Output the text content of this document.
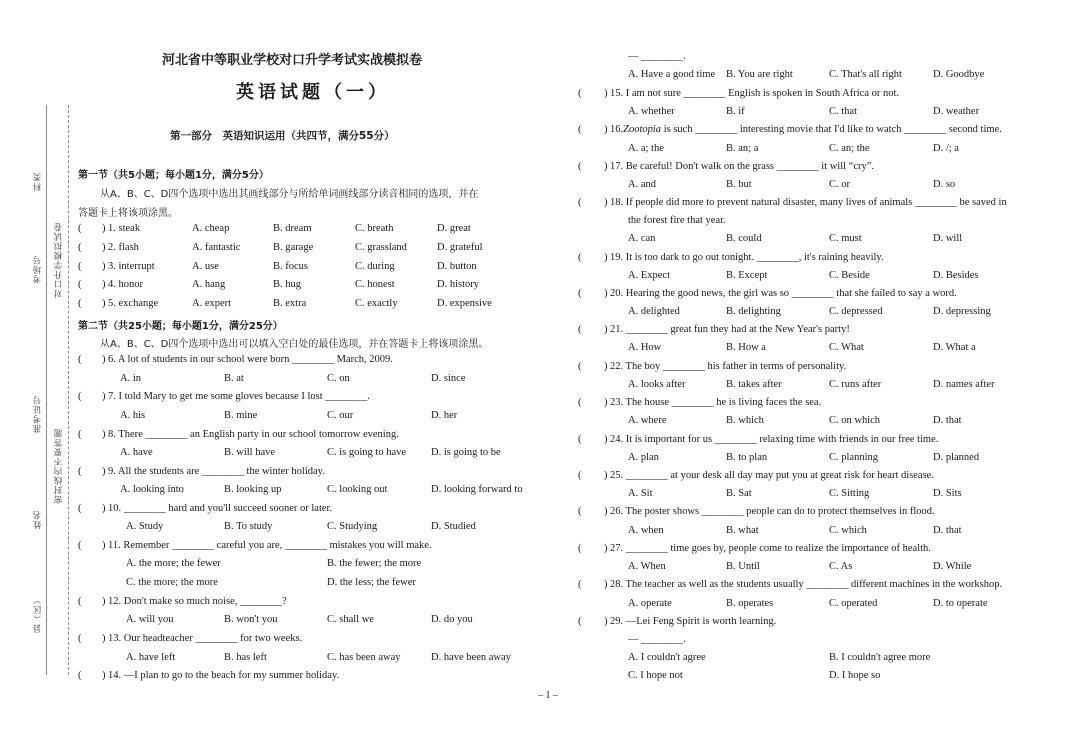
科类
考场号
准考证号
姓名
县（区）
对口升学模拟试卷
密封线内不要答题
河北省中等职业学校对口升学考试实战模拟卷
英语试题（一）
第一部分　英语知识运用（共四节，满分55分）
第一节（共5小题；每小题1分，满分5分）
从A、B、C、D四个选项中选出其画线部分与所给单词画线部分读音相同的选项，并在
答题卡上将该项涂黑。
( ) 1. steak	A. cheap	B. dream	C. breath	D. great
( ) 2. flash	A. fantastic	B. garage	C. grassland	D. grateful
( ) 3. interrupt	A. use	B. focus	C. during	D. button
( ) 4. honor	A. hang	B. hug	C. honest	D. history
( ) 5. exchange	A. expert	B. extra	C. exactly	D. expensive
第二节（共25小题；每小题1分，满分25分）
从A、B、C、D四个选项中选出可以填入空白处的最佳选项，并在答题卡上将该项涂黑。
( ) 6. A lot of students in our school were born ________ March, 2009.
A. in	B. at	C. on	D. since
( ) 7. I told Mary to get me some gloves because I lost ________.
A. his	B. mine	C. our	D. her
( ) 8. There ________ an English party in our school tomorrow evening.
A. have	B. will have	C. is going to have D. is going to be
( ) 9. All the students are ________ the winter holiday.
A. looking into	B. looking up	C. looking out	D. looking forward to
( ) 10. ________ hard and you'll succeed sooner or later.
A. Study	B. To study	C. Studying	D. Studied
( ) 11. Remember ________ careful you are, ________ mistakes you will make.
A. the more; the fewer	B. the fewer; the more
C. the more; the more	D. the less; the fewer
( ) 12. Don't make so much noise, ________?
A. will you	B. won't you	C. shall we	D. do you
( ) 13. Our headteacher ________ for two weeks.
A. have left	B. has left	C. has been away	D. have been away
( ) 14. —I plan to go to the beach for my summer holiday.
— ________.
A. Have a good time B. You are right	C. That's all right	D. Goodbye
( ) 15. I am not sure ________ English is spoken in South Africa or not.
A. whether	B. if	C. that	D. weather
( ) 16.Zootopia is such ________ interesting movie that I'd like to watch ________ second time.
A. a; the	B. an; a	C. an; the	D. /; a
( ) 17. Be careful! Don't walk on the grass ________ it will “cry”.
A. and	B. but	C. or	D. so
( ) 18. If people did more to prevent natural disaster, many lives of animals ________ be saved in
the forest fire that year.
A. can	B. could	C. must	D. will
( ) 19. It is too dark to go out tonight. ________, it's raining heavily.
A. Expect	B. Except	C. Beside	D. Besides
( ) 20. Hearing the good news, the girl was so ________ that she failed to say a word.
A. delighted	B. delighting	C. depressed	D. depressing
( ) 21. ________ great fun they had at the New Year's party!
A. How	B. How a	C. What	D. What a
( ) 22. The boy ________ his father in terms of personality.
A. looks after	B. takes after	C. runs after	D. names after
( ) 23. The house ________ he is living faces the sea.
A. where	B. which	C. on which	D. that
( ) 24. It is important for us ________ relaxing time with friends in our free time.
A. plan	B. to plan	C. planning	D. planned
( ) 25. ________ at your desk all day may put you at great risk for heart disease.
A. Sit	B. Sat	C. Sitting	D. Sits
( ) 26. The poster shows ________ people can do to protect themselves in flood.
A. when	B. what	C. which	D. that
( ) 27. ________ time goes by, people come to realize the importance of health.
A. When	B. Until	C. As	D. While
( ) 28. The teacher as well as the students usually ________ different machines in the workshop.
A. operate	B. operates	C. operated	D. to operate
( ) 29. —Lei Feng Spirit is worth learning.
— ________.
A. I couldn't agree	B. I couldn't agree more
C. I hope not	D. I hope so
– 1 –
